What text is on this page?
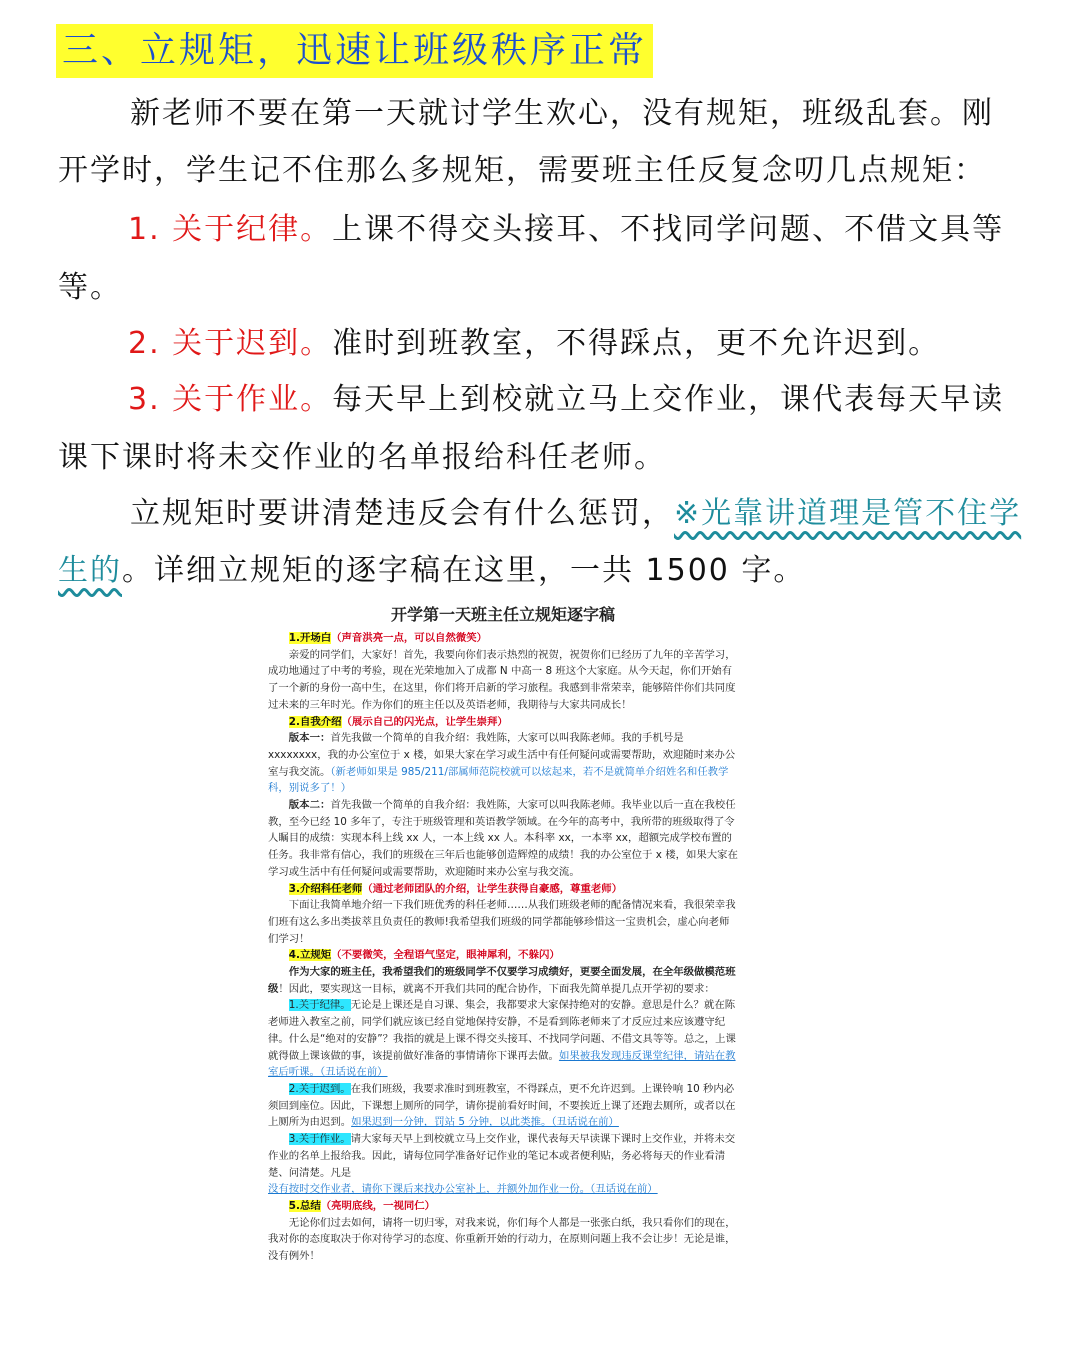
三、立规矩，迅速让班级秩序正常
新老师不要在第一天就讨学生欢心，没有规矩，班级乱套。刚
开学时，学生记不住那么多规矩，需要班主任反复念叨几点规矩：
1. 关于纪律。上课不得交头接耳、不找同学问题、不借文具等
等。
2. 关于迟到。准时到班教室，不得踩点，更不允许迟到。
3. 关于作业。每天早上到校就立马上交作业，课代表每天早读
课下课时将未交作业的名单报给科任老师。
立规矩时要讲清楚违反会有什么惩罚，※光靠讲道理是管不住学
生的。详细立规矩的逐字稿在这里，一共 1500 字。
开学第一天班主任立规矩逐字稿

1.开场白（声音洪亮一点，可以自然微笑）

亲爱的同学们，大家好！首先，我要向你们表示热烈的祝贺，祝贺你们已经历了九年的辛苦学习，成功地通过了中考的考验，现在光荣地加入了成都 N 中高一 8 班这个大家庭。从今天起，你们开始有了一个新的身份一高中生，在这里，你们将开启新的学习旅程。我感到非常荣幸，能够陪伴你们共同度过未来的三年时光。作为你们的班主任以及英语老师，我期待与大家共同成长！

2.自我介绍（展示自己的闪光点，让学生崇拜）

版本一：首先我做一个简单的自我介绍：我姓陈，大家可以叫我陈老师。我的手机号是 xxxxxxxx，我的办公室位于 x 楼，如果大家在学习或生活中有任何疑问或需要帮助，欢迎随时来办公室与我交流。（新老师如果是 985/211/部属师范院校就可以炫起来，若不是就简单介绍姓名和任教学科，别说多了！）

版本二：首先我做一个简单的自我介绍：我姓陈，大家可以叫我陈老师。我毕业以后一直在我校任教，至今已经 10 多年了，专注于班级管理和英语教学领域。在今年的高考中，我所带的班级取得了令人瞩目的成绩：实现本科上线 xx 人，一本上线 xx 人。本科率 xx，一本率 xx，超额完成学校布置的任务。我非常有信心，我们的班级在三年后也能够创造辉煌的成绩！我的办公室位于 x 楼，如果大家在学习或生活中有任何疑问或需要帮助，欢迎随时来办公室与我交流。

3.介绍科任老师（通过老师团队的介绍，让学生获得自豪感，尊重老师）

下面让我简单地介绍一下我们班优秀的科任老师……从我们班级老师的配备情况来看，我很荣幸我们班有这么多出类拔萃且负责任的教师!我希望我们班级的同学都能够珍惜这一宝贵机会，虚心向老师们学习！

4.立规矩（不要微笑，全程语气坚定，眼神犀利，不躲闪）

作为大家的班主任，我希望我们的班级同学不仅要学习成绩好，更要全面发展，在全年级做模范班级！因此，要实现这一目标，就离不开我们共同的配合协作，下面我先简单提几点开学初的要求：

1.关于纪律。无论是上课还是自习课、集会，我都要求大家保持绝对的安静。意思是什么？就在陈老师进入教室之前，同学们就应该已经自觉地保持安静，不是看到陈老师来了才反应过来应该遵守纪律。什么是“绝对的安静”？我指的就是上课不得交头接耳、不找同学问题、不借文具等等。总之，上课就得做上课该做的事，该提前做好准备的事情请你下课再去做。如果被我发现违反课堂纪律，请站在教室后听课。（丑话说在前）

2.关于迟到。在我们班级，我要求准时到班教室，不得踩点，更不允许迟到。上课铃响 10 秒内必须回到座位。因此，下课想上厕所的同学，请你提前看好时间，不要挨近上课了还跑去厕所，或者以在上厕所为由迟到。如果迟到一分钟，罚站 5 分钟，以此类推。（丑话说在前）

3.关于作业。请大家每天早上到校就立马上交作业，课代表每天早读课下课时上交作业，并将未交作业的名单上报给我。因此，请每位同学准备好记作业的笔记本或者便利贴，务必将每天的作业看清楚、问清楚。凡是没有按时交作业者，请你下课后来找办公室补上，并额外加作业一份。（丑话说在前）

5.总结（亮明底线，一视同仁）

无论你们过去如何，请将一切归零，对我来说，你们每个人都是一张张白纸，我只看你们的现在，我对你的态度取决于你对待学习的态度、你重新开始的行动力，在原则问题上我不会让步！无论是谁，没有例外！
